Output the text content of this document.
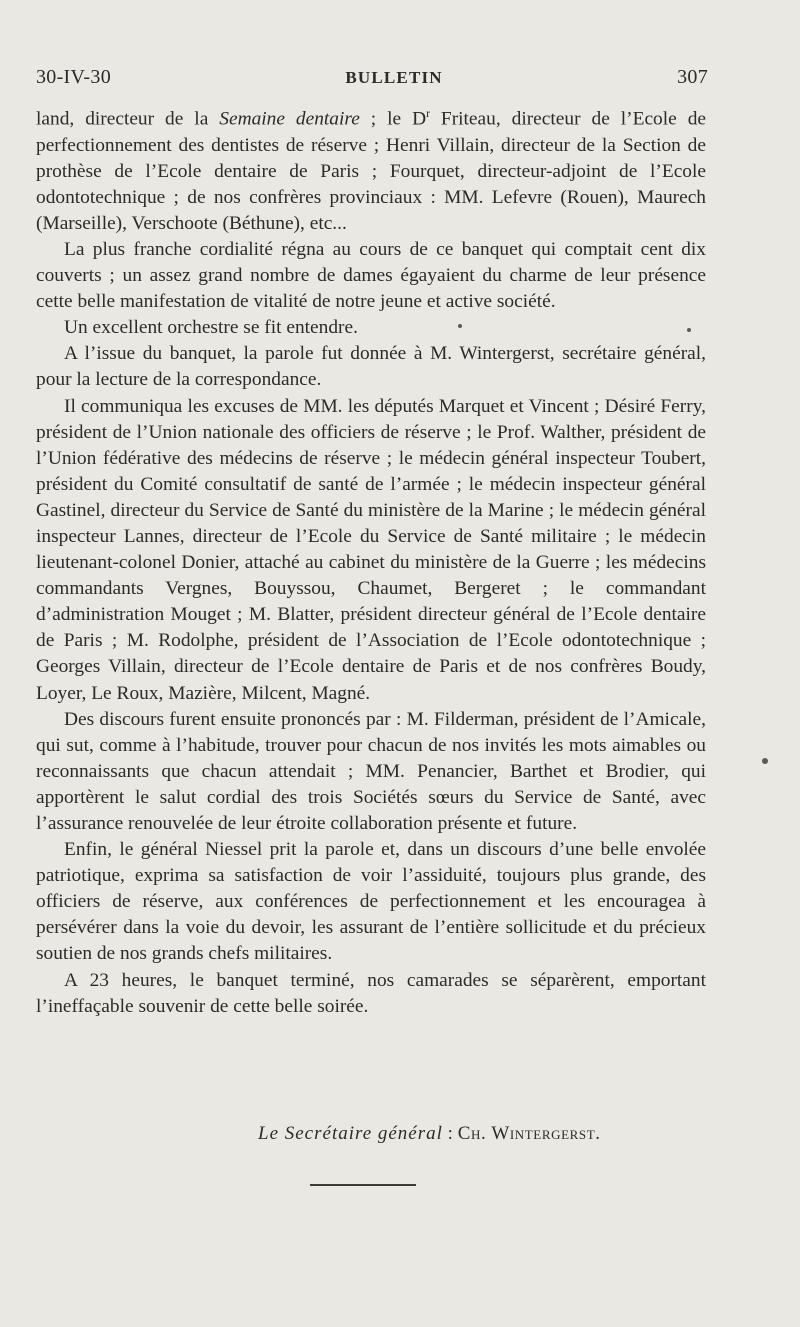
30-IV-30	BULLETIN	307

land, directeur de la Semaine dentaire ; le $D^r$ Friteau, directeur de l’Ecole de perfectionnement des dentistes de réserve ; Henri Villain, directeur de la Section de prothèse de l’Ecole dentaire de Paris ; Fourquet, directeur-adjoint de l’Ecole odontotechnique ; de nos confrères provinciaux : MM. Lefevre (Rouen), Maurech (Marseille), Verschoote (Béthune), etc...

La plus franche cordialité régna au cours de ce banquet qui comptait cent dix couverts ; un assez grand nombre de dames égayaient du charme de leur présence cette belle manifestation de vitalité de notre jeune et active société.

Un excellent orchestre se fit entendre.

A l’issue du banquet, la parole fut donnée à M. Wintergerst, secrétaire général, pour la lecture de la correspondance.

Il communiqua les excuses de MM. les députés Marquet et Vincent ; Désiré Ferry, président de l’Union nationale des officiers de réserve ; le Prof. Walther, président de l’Union fédérative des médecins de réserve ; le médecin général inspecteur Toubert, président du Comité consultatif de santé de l’armée ; le médecin inspecteur général Gastinel, directeur du Service de Santé du ministère de la Marine ; le médecin général inspecteur Lannes, directeur de l’Ecole du Service de Santé militaire ; le médecin lieutenant-colonel Donier, attaché au cabinet du ministère de la Guerre ; les médecins commandants Vergnes, Bouyssou, Chaumet, Bergeret ; le commandant d’administration Mouget ; M. Blatter, président directeur général de l’Ecole dentaire de Paris ; M. Rodolphe, président de l’Association de l’Ecole odontotechnique ; Georges Villain, directeur de l’Ecole dentaire de Paris et de nos confrères Boudy, Loyer, Le Roux, Mazière, Milcent, Magné.

Des discours furent ensuite prononcés par : M. Filderman, président de l’Amicale, qui sut, comme à l’habitude, trouver pour chacun de nos invités les mots aimables ou reconnaissants que chacun attendait ; MM. Penancier, Barthet et Brodier, qui apportèrent le salut cordial des trois Sociétés sœurs du Service de Santé, avec l’assurance renouvelée de leur étroite collaboration présente et future.

Enfin, le général Niessel prit la parole et, dans un discours d’une belle envolée patriotique, exprima sa satisfaction de voir l’assiduité, toujours plus grande, des officiers de réserve, aux conférences de perfectionnement et les encouragea à persévérer dans la voie du devoir, les assurant de l’entière sollicitude et du précieux soutien de nos grands chefs militaires.

A 23 heures, le banquet terminé, nos camarades se séparèrent, emportant l’ineffaçable souvenir de cette belle soirée.

Le Secrétaire général : Ch. Wintergerst.
